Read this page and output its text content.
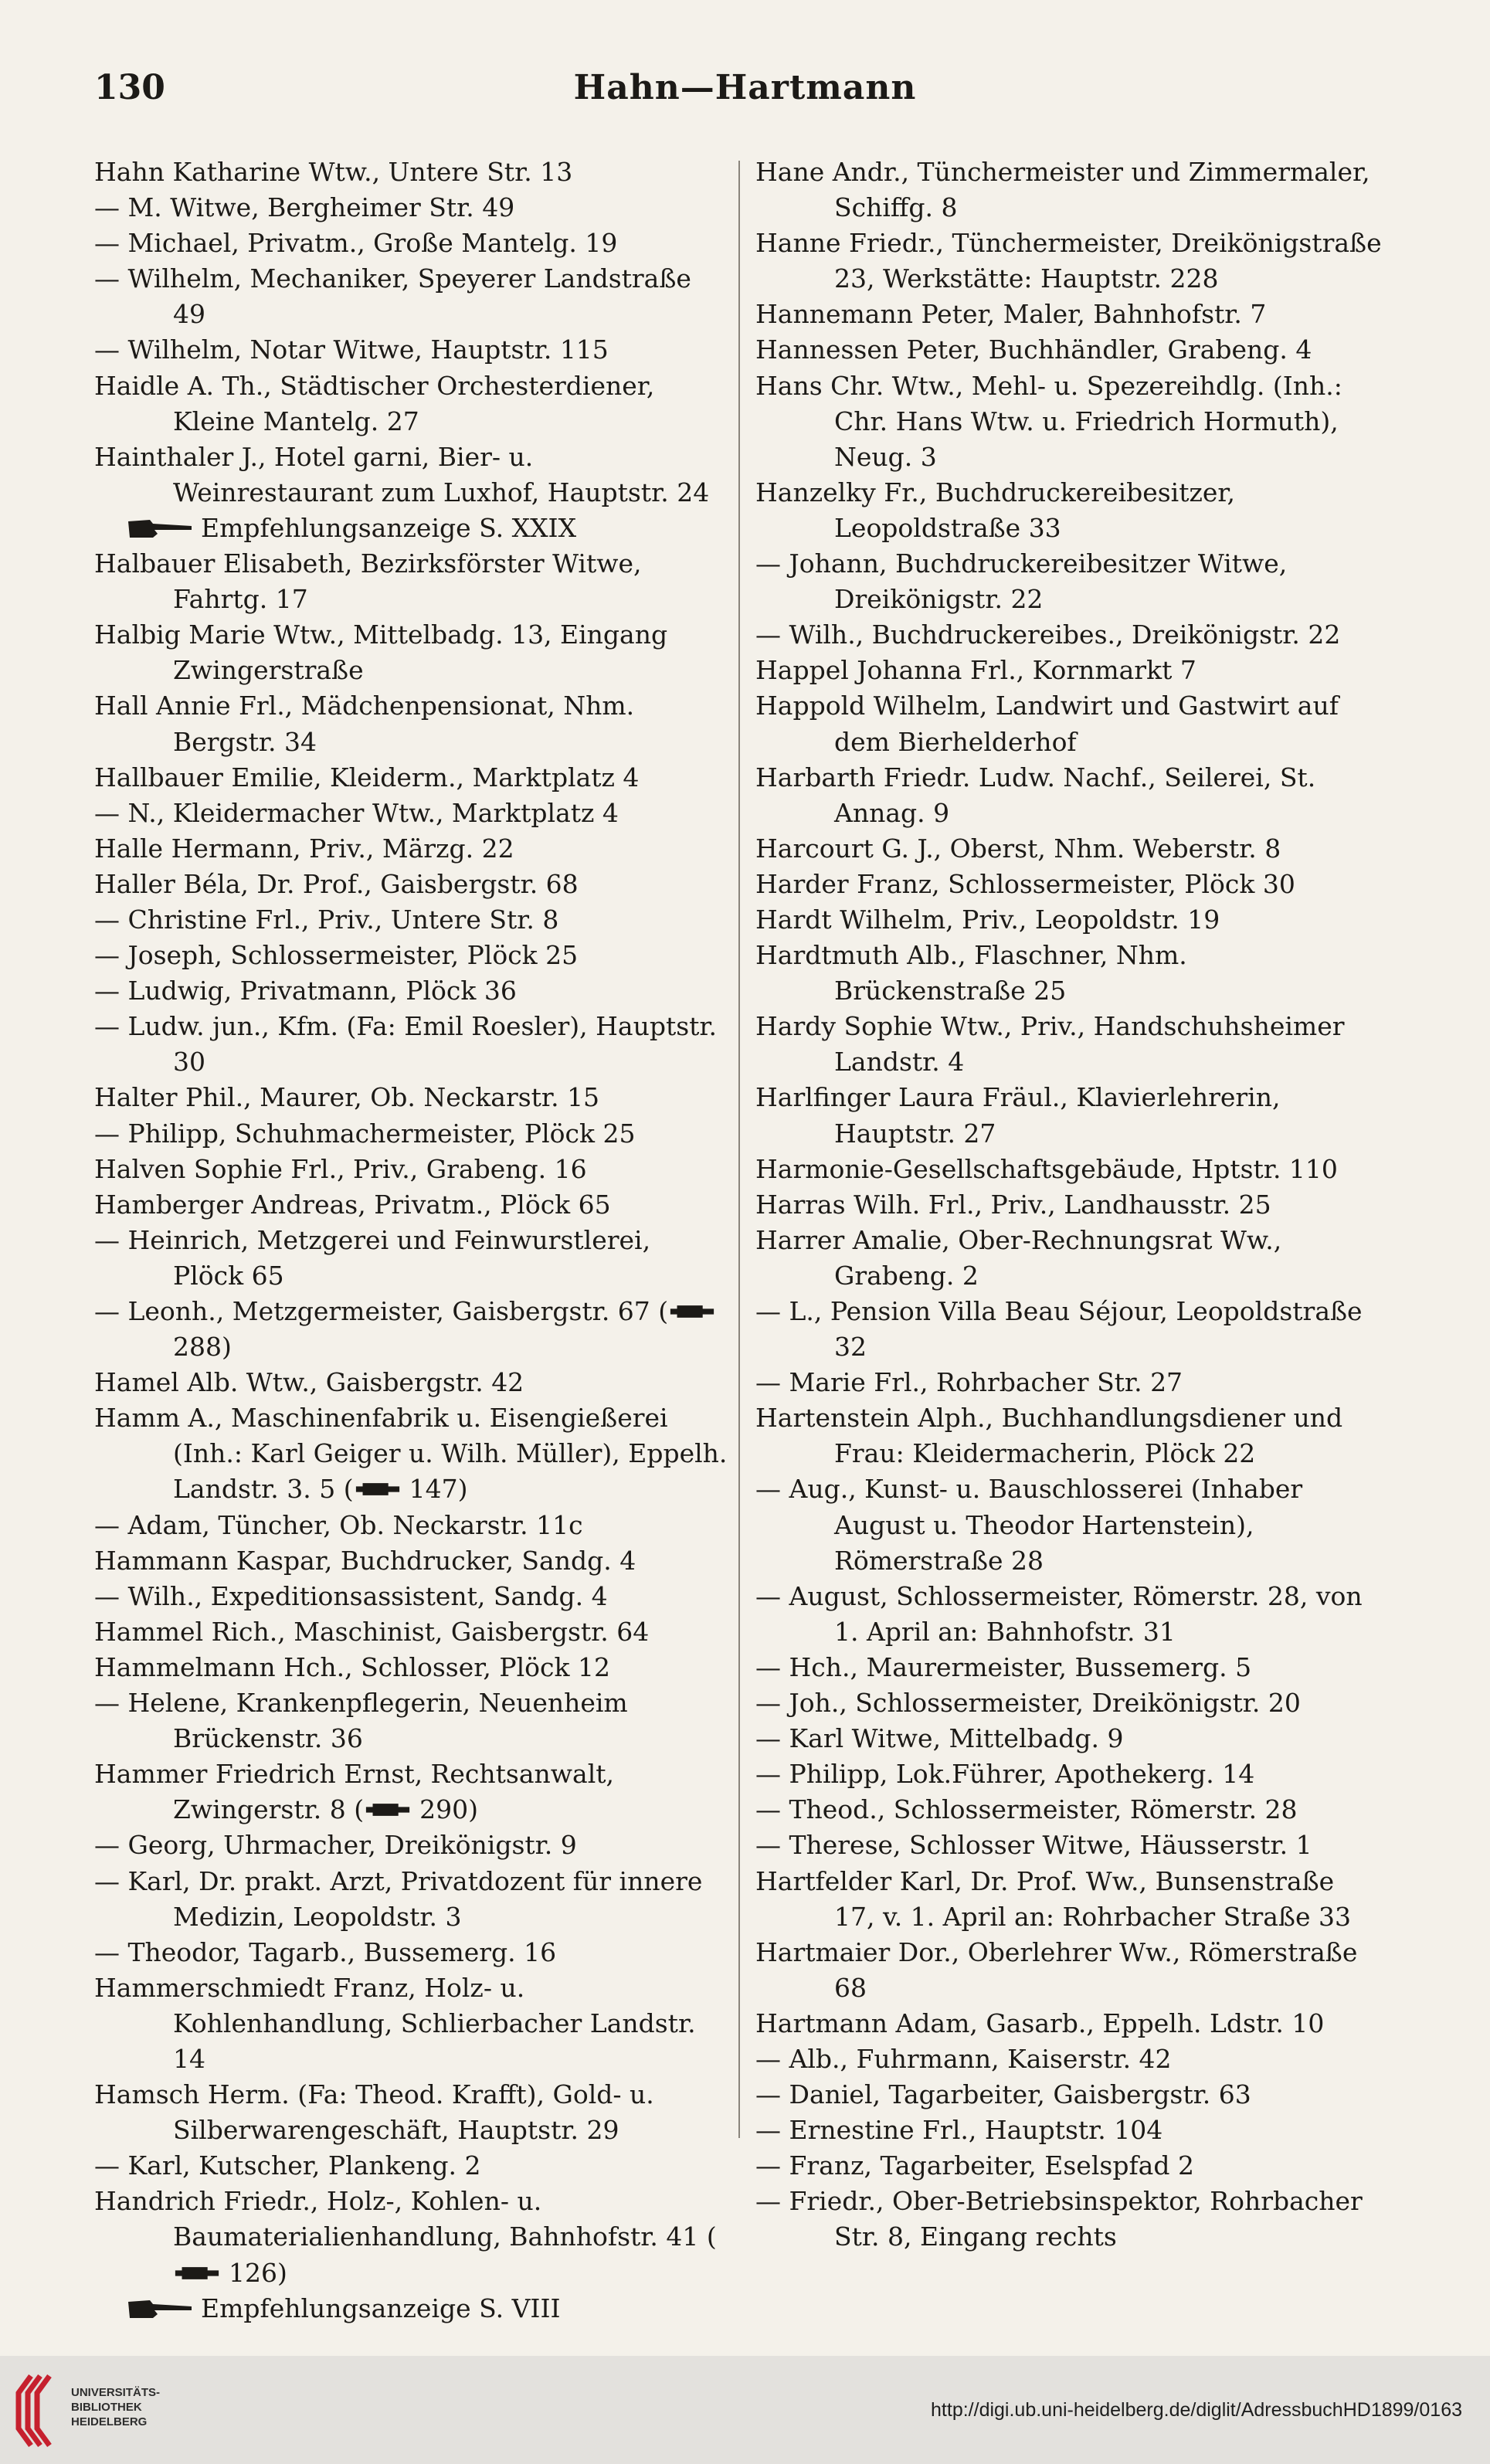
130	Hahn—Hartmann
Hahn Katharine Wtw., Untere Str. 13
— M. Witwe, Bergheimer Str. 49
— Michael, Privatm., Große Mantelg. 19
— Wilhelm, Mechaniker, Speyerer Landstraße 49
— Wilhelm, Notar Witwe, Hauptstr. 115
Haidle A. Th., Städtischer Orchesterdiener, Kleine Mantelg. 27
Hainthaler J., Hotel garni, Bier- u. Weinrestaurant zum Luxhof, Hauptstr. 24
Empfehlungsanzeige S. XXIX
Halbauer Elisabeth, Bezirksförster Witwe, Fahrtg. 17
Halbig Marie Wtw., Mittelbadg. 13, Eingang Zwingerstraße
Hall Annie Frl., Mädchenpensionat, Nhm. Bergstr. 34
Hallbauer Emilie, Kleiderm., Marktplatz 4
— N., Kleidermacher Wtw., Marktplatz 4
Halle Hermann, Priv., Märzg. 22
Haller Béla, Dr. Prof., Gaisbergstr. 68
— Christine Frl., Priv., Untere Str. 8
— Joseph, Schlossermeister, Plöck 25
— Ludwig, Privatmann, Plöck 36
— Ludw. jun., Kfm. (Fa: Emil Roesler), Hauptstr. 30
Halter Phil., Maurer, Ob. Neckarstr. 15
— Philipp, Schuhmachermeister, Plöck 25
Halven Sophie Frl., Priv., Grabeng. 16
Hamberger Andreas, Privatm., Plöck 65
— Heinrich, Metzgerei und Feinwurstlerei, Plöck 65
— Leonh., Metzgermeister, Gaisbergstr. 67 (288)
Hamel Alb. Wtw., Gaisbergstr. 42
Hamm A., Maschinenfabrik u. Eisengießerei (Inh.: Karl Geiger u. Wilh. Müller), Eppelh. Landstr. 3. 5 ( 147)
— Adam, Tüncher, Ob. Neckarstr. 11c
Hammann Kaspar, Buchdrucker, Sandg. 4
— Wilh., Expeditionsassistent, Sandg. 4
Hammel Rich., Maschinist, Gaisbergstr. 64
Hammelmann Hch., Schlosser, Plöck 12
— Helene, Krankenpflegerin, Neuenheim Brückenstr. 36
Hammer Friedrich Ernst, Rechtsanwalt, Zwingerstr. 8 ( 290)
— Georg, Uhrmacher, Dreikönigstr. 9
— Karl, Dr. prakt. Arzt, Privatdozent für innere Medizin, Leopoldstr. 3
— Theodor, Tagarb., Bussemerg. 16
Hammerschmiedt Franz, Holz- u. Kohlenhandlung, Schlierbacher Landstr. 14
Hamsch Herm. (Fa: Theod. Krafft), Gold- u. Silberwarengeschäft, Hauptstr. 29
— Karl, Kutscher, Plankeng. 2
Handrich Friedr., Holz-, Kohlen- u. Baumaterialienhandlung, Bahnhofstr. 41 (126)
Empfehlungsanzeige S. VIII
Hane Andr., Tünchermeister und Zimmermaler, Schiffg. 8
Hanne Friedr., Tünchermeister, Dreikönigstraße 23, Werkstätte: Hauptstr. 228
Hannemann Peter, Maler, Bahnhofstr. 7
Hannessen Peter, Buchhändler, Grabeng. 4
Hans Chr. Wtw., Mehl- u. Spezereihdlg. (Inh.: Chr. Hans Wtw. u. Friedrich Hormuth), Neug. 3
Hanzelky Fr., Buchdruckereibesitzer, Leopoldstraße 33
— Johann, Buchdruckereibesitzer Witwe, Dreikönigstr. 22
— Wilh., Buchdruckereibes., Dreikönigstr. 22
Happel Johanna Frl., Kornmarkt 7
Happold Wilhelm, Landwirt und Gastwirt auf dem Bierhelderhof
Harbarth Friedr. Ludw. Nachf., Seilerei, St. Annag. 9
Harcourt G. J., Oberst, Nhm. Weberstr. 8
Harder Franz, Schlossermeister, Plöck 30
Hardt Wilhelm, Priv., Leopoldstr. 19
Hardtmuth Alb., Flaschner, Nhm. Brückenstraße 25
Hardy Sophie Wtw., Priv., Handschuhsheimer Landstr. 4
Harlfinger Laura Fräul., Klavierlehrerin, Hauptstr. 27
Harmonie-Gesellschaftsgebäude, Hptstr. 110
Harras Wilh. Frl., Priv., Landhausstr. 25
Harrer Amalie, Ober-Rechnungsrat Ww., Grabeng. 2
— L., Pension Villa Beau Séjour, Leopoldstraße 32
— Marie Frl., Rohrbacher Str. 27
Hartenstein Alph., Buchhandlungsdiener und Frau: Kleidermacherin, Plöck 22
— Aug., Kunst- u. Bauschlosserei (Inhaber August u. Theodor Hartenstein), Römerstraße 28
— August, Schlossermeister, Römerstr. 28, von 1. April an: Bahnhofstr. 31
— Hch., Maurermeister, Bussemerg. 5
— Joh., Schlossermeister, Dreikönigstr. 20
— Karl Witwe, Mittelbadg. 9
— Philipp, Lok.Führer, Apothekerg. 14
— Theod., Schlossermeister, Römerstr. 28
— Therese, Schlosser Witwe, Häusserstr. 1
Hartfelder Karl, Dr. Prof. Ww., Bunsenstraße 17, v. 1. April an: Rohrbacher Straße 33
Hartmaier Dor., Oberlehrer Ww., Römerstraße 68
Hartmann Adam, Gasarb., Eppelh. Ldstr. 10
— Alb., Fuhrmann, Kaiserstr. 42
— Daniel, Tagarbeiter, Gaisbergstr. 63
— Ernestine Frl., Hauptstr. 104
— Franz, Tagarbeiter, Eselspfad 2
— Friedr., Ober-Betriebsinspektor, Rohrbacher Str. 8, Eingang rechts
UNIVERSITÄTS-
BIBLIOTHEK
HEIDELBERG
http://digi.ub.uni-heidelberg.de/diglit/AdressbuchHD1899/0163
